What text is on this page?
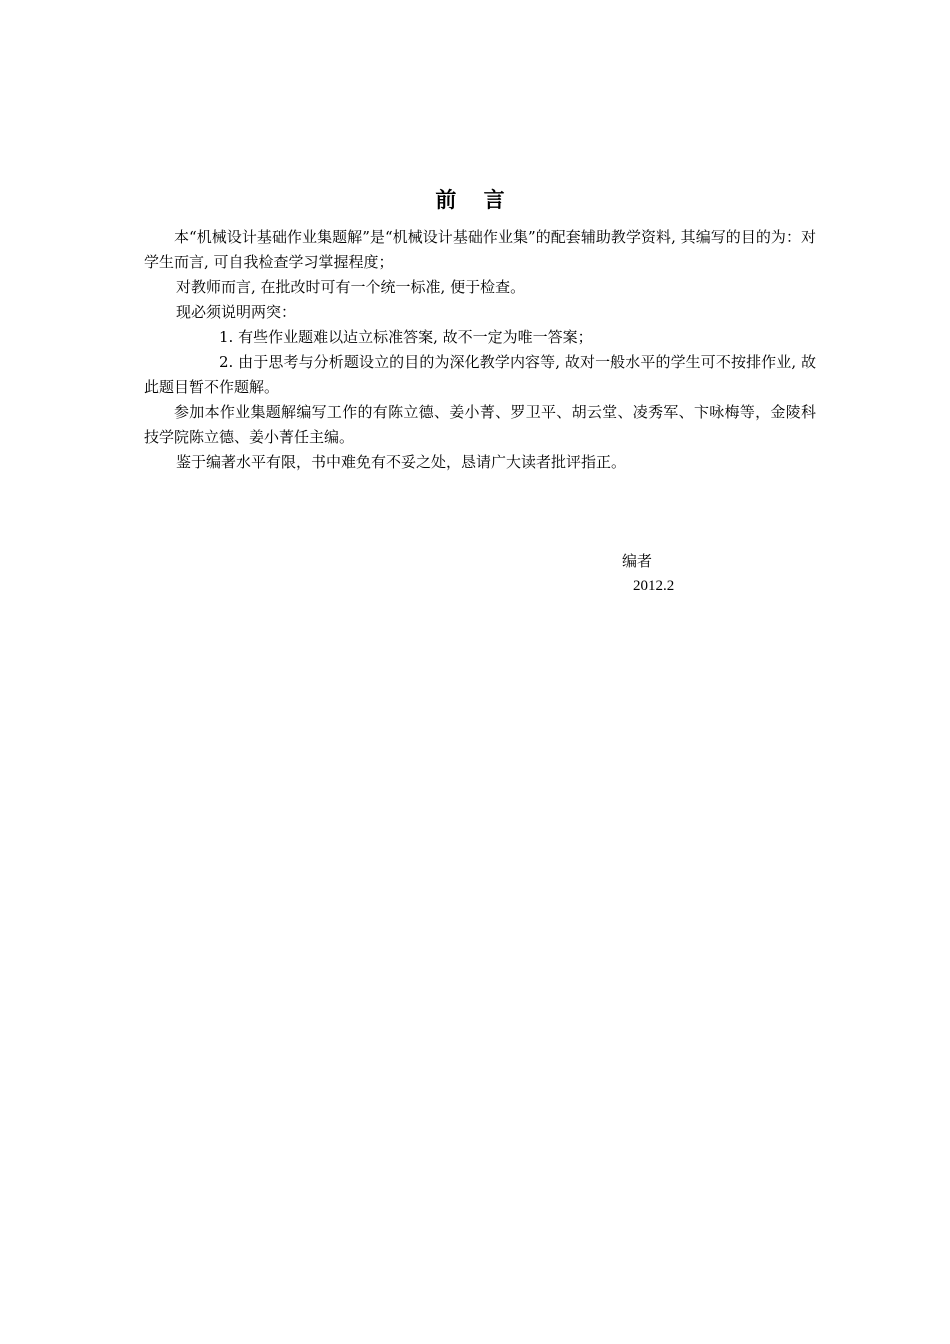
前 言

本“机械设计基础作业集题解”是“机械设计基础作业集”的配套辅助教学资料, 其编写的目的为：对学生而言, 可自我检查学习掌握程度；

对教师而言, 在批改时可有一个统一标准, 便于检查。

现必须说明两突：

1. 有些作业题难以迠立标准答案, 故不一定为唯一答案；

2. 由于思考与分析题设立的目的为深化教学内容等, 故对一般水平的学生可不按排作业, 故此题目暂不作题解。

参加本作业集题解编写工作的有陈立德、姜小菁、罗卫平、胡云堂、凌秀军、卞咏梅等，金陵科技学院陈立德、姜小菁任主编。

鉴于编著水平有限，书中难免有不妥之处，恳请广大读者批评指正。

编者
2012.2
